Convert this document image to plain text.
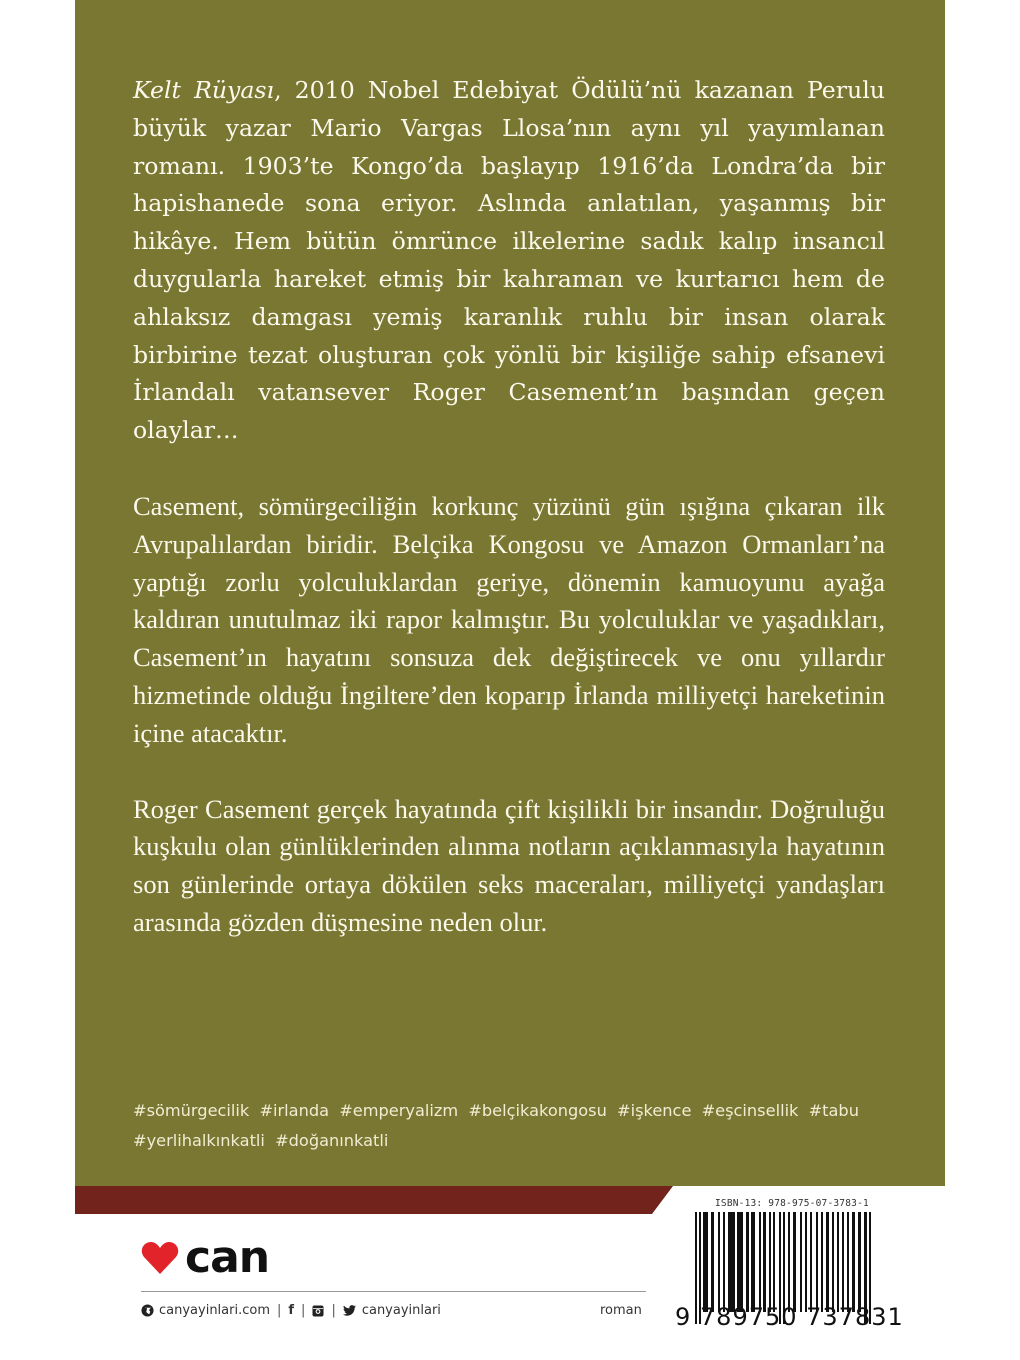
Kelt Rüyası, 2010 Nobel Edebiyat Ödülü’nü kazanan Perulu büyük yazar Mario Vargas Llosa’nın aynı yıl yayımlanan romanı. 1903’te Kongo’da başlayıp 1916’da Londra’da bir hapishanede sona eriyor. Aslında anlatılan, yaşanmış bir hikâye. Hem bütün ömrünce ilkelerine sadık kalıp insancıl duygularla hareket etmiş bir kahraman ve kurtarıcı hem de ahlaksız damgası yemiş karanlık ruhlu bir insan olarak birbirine tezat oluşturan çok yönlü bir kişiliğe sahip efsanevi İrlandalı vatansever Roger Casement’ın başından geçen olaylar…

Casement, sömürgeciliğin korkunç yüzünü gün ışığına çıkaran ilk Avrupalılardan biridir. Belçika Kongosu ve Amazon Ormanları’na yaptığı zorlu yolculuklardan geriye, dönemin kamuoyunu ayağa kaldıran unutulmaz iki rapor kalmıştır. Bu yolculuklar ve yaşadıkları, Casement’ın hayatını sonsuza dek değiştirecek ve onu yıllardır hizmetinde olduğu İngiltere’den koparıp İrlanda milliyetçi hareketinin içine atacaktır.

Roger Casement gerçek hayatında çift kişilikli bir insandır. Doğruluğu kuşkulu olan günlüklerinden alınma notların açıklanmasıyla hayatının son günlerinde ortaya dökülen seks maceraları, milliyetçi yandaşları arasında gözden düşmesine neden olur.

#sömürgecilik #irlanda #emperyalizm #belçikakongosu #işkence #eşcinsellik #tabu
#yerlihalkınkatli #doğanınkatli
can
canyayinlari.com | f | | canyayinlari	roman
ISBN-13: 978-975-07-3783-1
9 789750 737831
